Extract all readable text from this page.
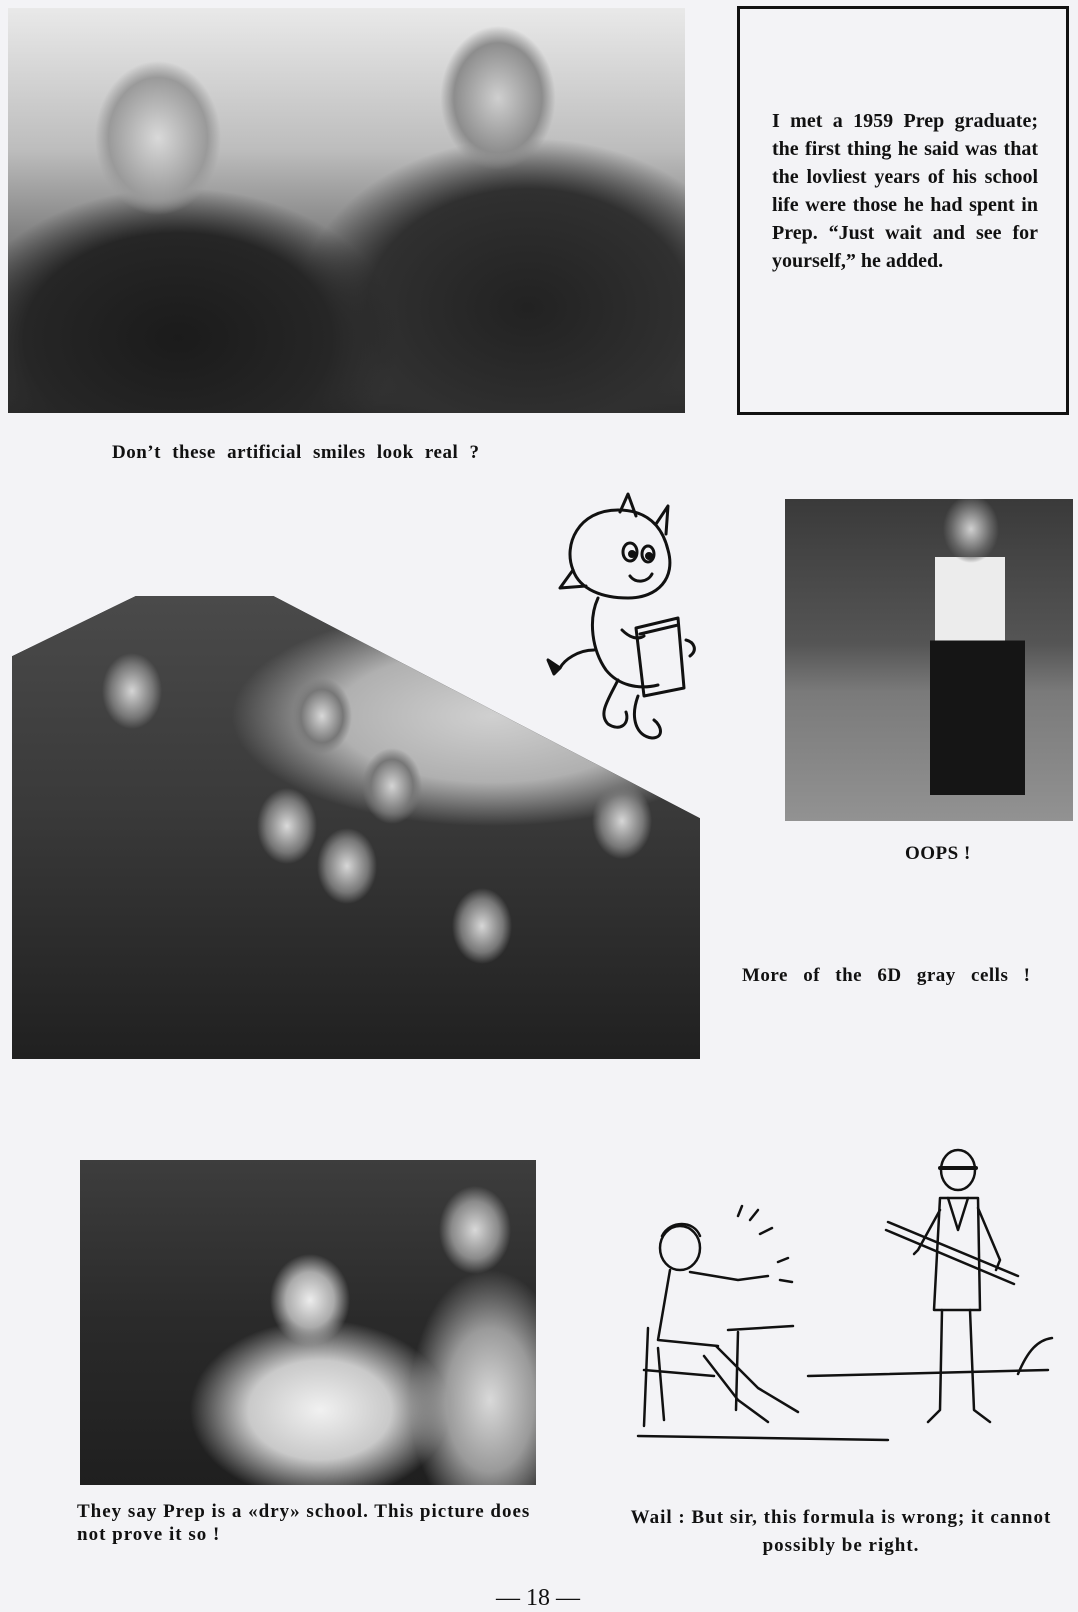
I met a 1959 Prep graduate; the first thing he said was that the lovliest years of his school life were those he had spent in Prep. “Just wait and see for yourself,” he added.
Don’t these artificial smiles look real ?
OOPS !
More of the 6D gray cells !
They say Prep is a «dry» school. This picture does not prove it so !
Wail : But sir, this formula is wrong; it cannot possibly be right.
— 18 —
